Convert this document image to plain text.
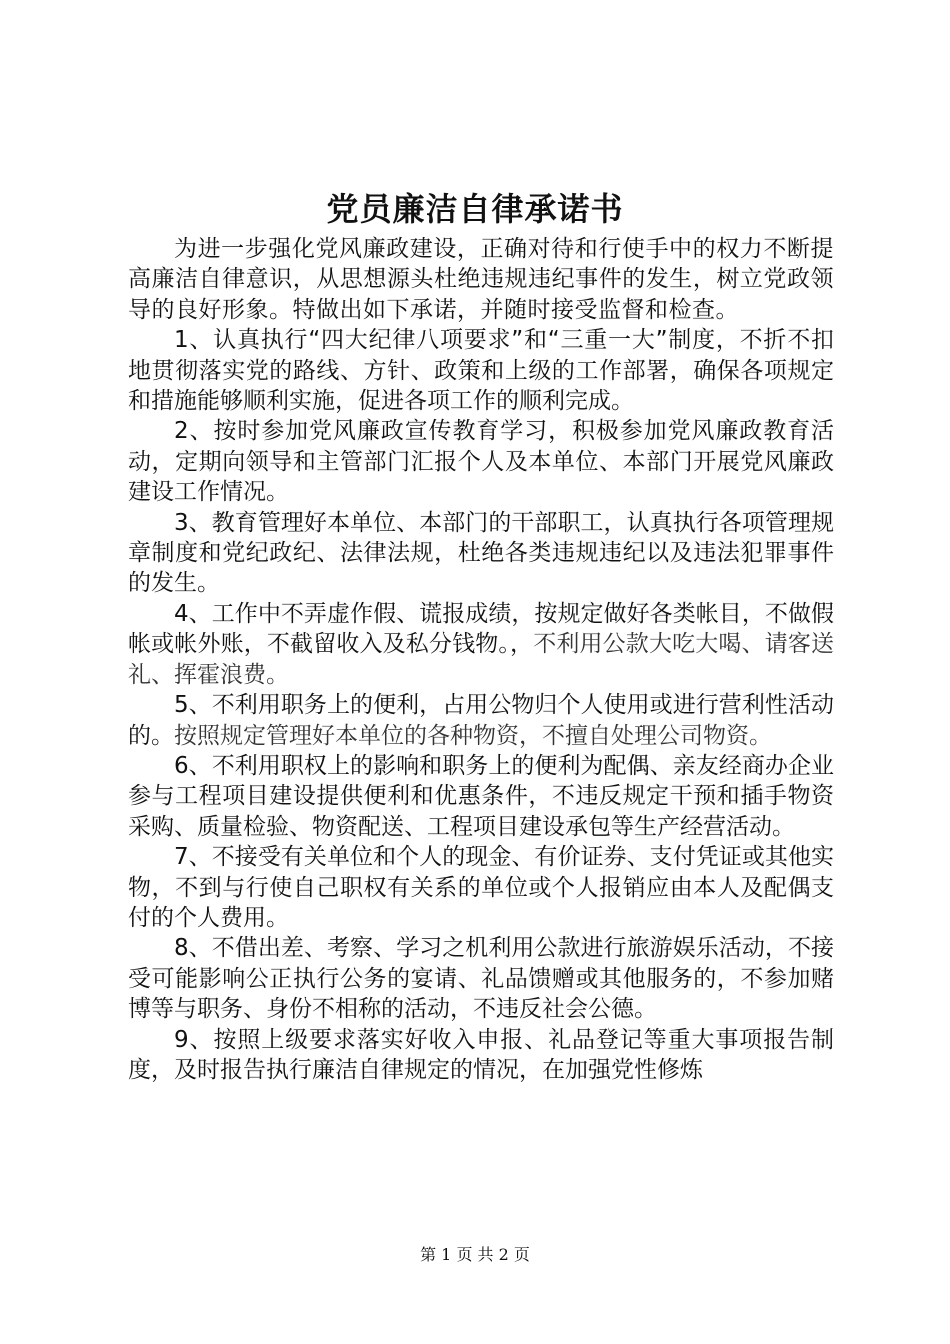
党员廉洁自律承诺书

为进一步强化党风廉政建设，正确对待和行使手中的权力不断提高廉洁自律意识，从思想源头杜绝违规违纪事件的发生，树立党政领导的良好形象。特做出如下承诺，并随时接受监督和检查。

1、认真执行“四大纪律八项要求”和“三重一大”制度，不折不扣地贯彻落实党的路线、方针、政策和上级的工作部署，确保各项规定和措施能够顺利实施，促进各项工作的顺利完成。

2、按时参加党风廉政宣传教育学习，积极参加党风廉政教育活动，定期向领导和主管部门汇报个人及本单位、本部门开展党风廉政建设工作情况。

3、教育管理好本单位、本部门的干部职工，认真执行各项管理规章制度和党纪政纪、法律法规，杜绝各类违规违纪以及违法犯罪事件的发生。

4、工作中不弄虚作假、谎报成绩，按规定做好各类帐目，不做假帐或帐外账，不截留收入及私分钱物。，不利用公款大吃大喝、请客送礼、挥霍浪费。

5、不利用职务上的便利，占用公物归个人使用或进行营利性活动的。按照规定管理好本单位的各种物资，不擅自处理公司物资。

6、不利用职权上的影响和职务上的便利为配偶、亲友经商办企业参与工程项目建设提供便利和优惠条件，不违反规定干预和插手物资采购、质量检验、物资配送、工程项目建设承包等生产经营活动。

7、不接受有关单位和个人的现金、有价证券、支付凭证或其他实物，不到与行使自己职权有关系的单位或个人报销应由本人及配偶支付的个人费用。

8、不借出差、考察、学习之机利用公款进行旅游娱乐活动，不接受可能影响公正执行公务的宴请、礼品馈赠或其他服务的，不参加赌博等与职务、身份不相称的活动，不违反社会公德。

9、按照上级要求落实好收入申报、礼品登记等重大事项报告制度，及时报告执行廉洁自律规定的情况，在加强党性修炼

第 1 页 共 2 页
